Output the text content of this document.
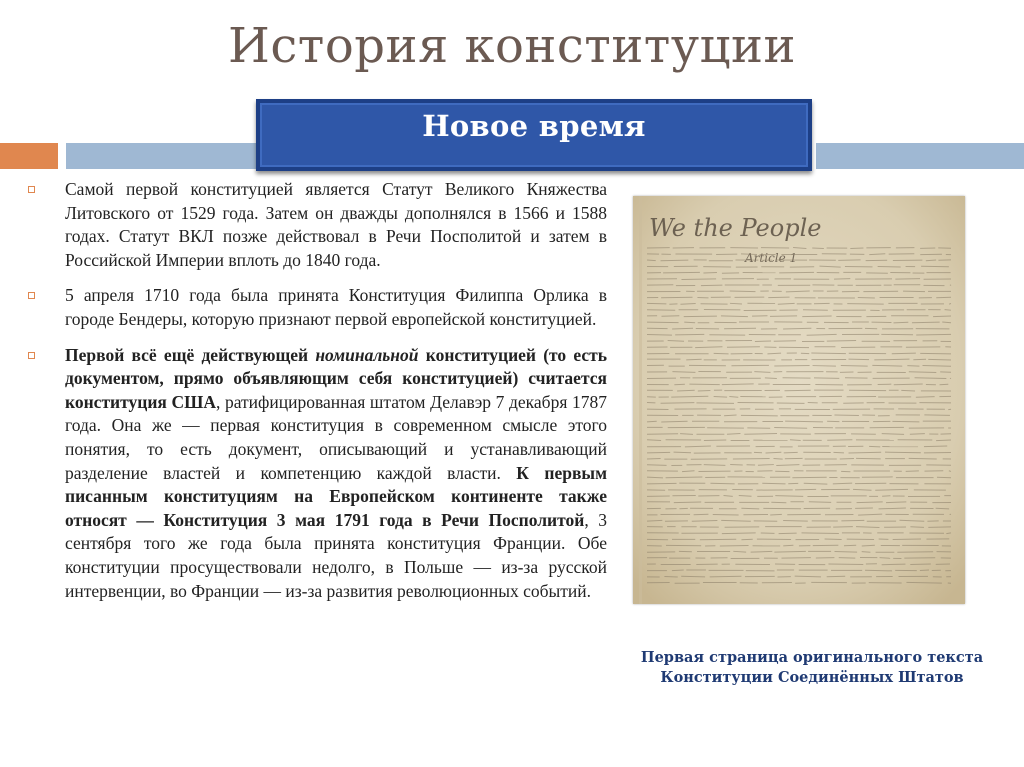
История конституции
Новое время
Самой первой конституцией является Статут Великого Княжества Литовского от 1529 года. Затем он дважды дополнялся в 1566 и 1588 годах. Статут ВКЛ позже действовал в Речи Посполитой и затем в Российской Империи вплоть до 1840 года.
5 апреля 1710 года была принята Конституция Филиппа Орлика в городе Бендеры, которую признают первой европейской конституцией.
Первой всё ещё действующей номинальной конституцией (то есть документом, прямо объявляющим себя конституцией) считается конституция США, ратифицированная штатом Делавэр 7 декабря 1787 года. Она же — первая конституция в современном смысле этого понятия, то есть документ, описывающий и устанавливающий разделение властей и компетенцию каждой власти. К первым писанным конституциям на Европейском континенте также относят — Конституция 3 мая 1791 года в Речи Посполитой, 3 сентября того же года была принята конституция Франции. Обе конституции просуществовали недолго, в Польше — из-за русской интервенции, во Франции — из-за развития революционных событий.
We the People
Article 1
Первая страница оригинального текста
Конституции Соединённых Штатов
